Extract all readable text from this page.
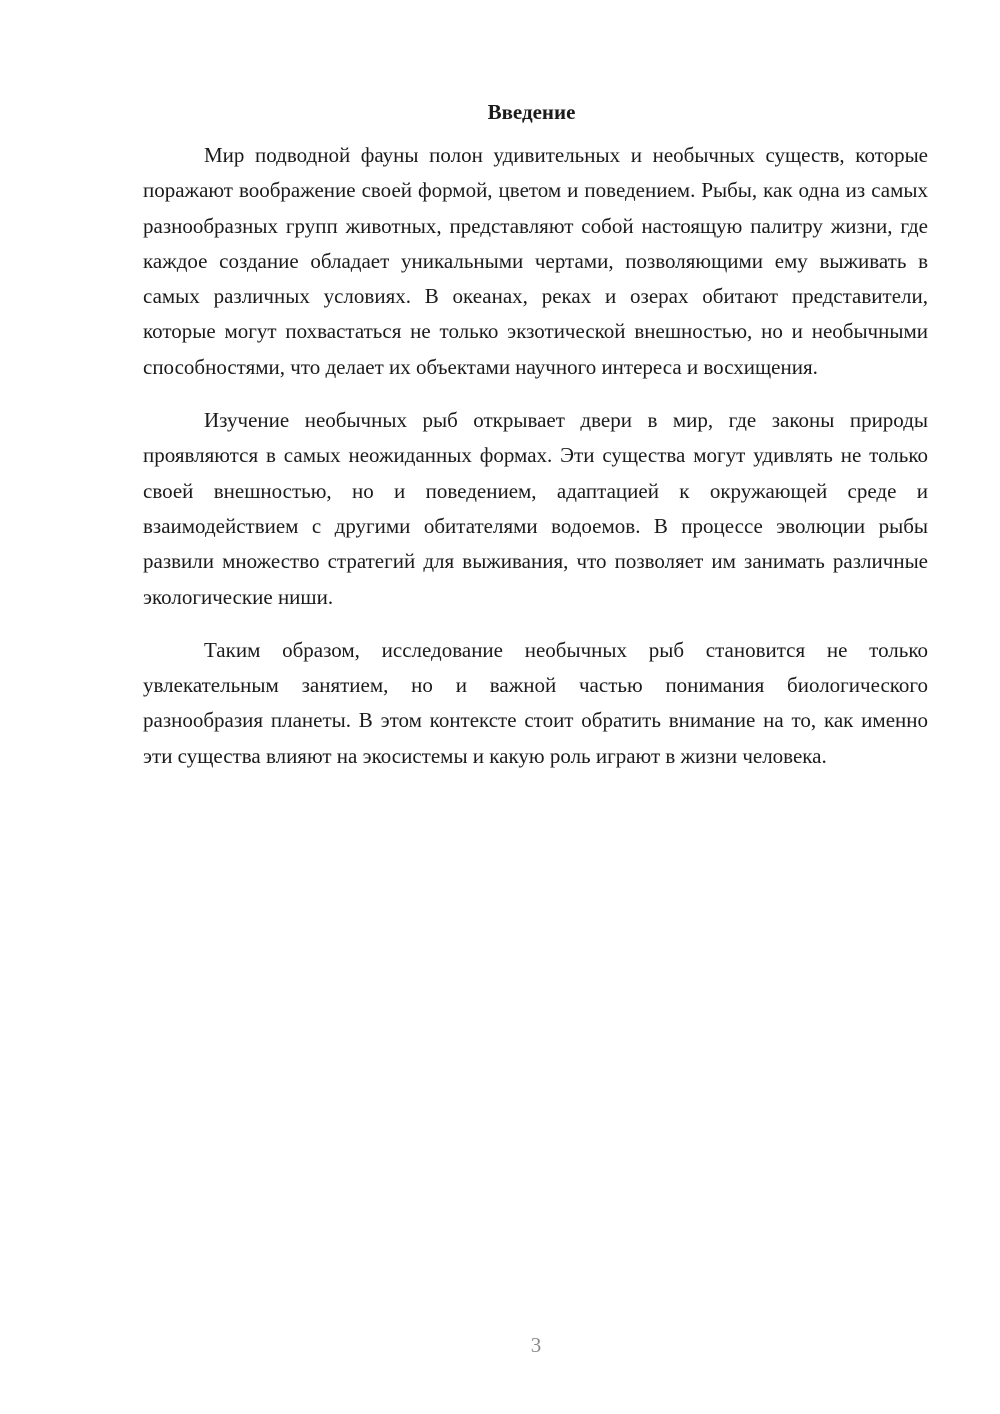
Введение

Мир подводной фауны полон удивительных и необычных существ, которые поражают воображение своей формой, цветом и поведением. Рыбы, как одна из самых разнообразных групп животных, представляют собой настоящую палитру жизни, где каждое создание обладает уникальными чертами, позволяющими ему выживать в самых различных условиях. В океанах, реках и озерах обитают представители, которые могут похвастаться не только экзотической внешностью, но и необычными способностями, что делает их объектами научного интереса и восхищения.

Изучение необычных рыб открывает двери в мир, где законы природы проявляются в самых неожиданных формах. Эти существа могут удивлять не только своей внешностью, но и поведением, адаптацией к окружающей среде и взаимодействием с другими обитателями водоемов. В процессе эволюции рыбы развили множество стратегий для выживания, что позволяет им занимать различные экологические ниши.

Таким образом, исследование необычных рыб становится не только увлекательным занятием, но и важной частью понимания биологического разнообразия планеты. В этом контексте стоит обратить внимание на то, как именно эти существа влияют на экосистемы и какую роль играют в жизни человека.

3
